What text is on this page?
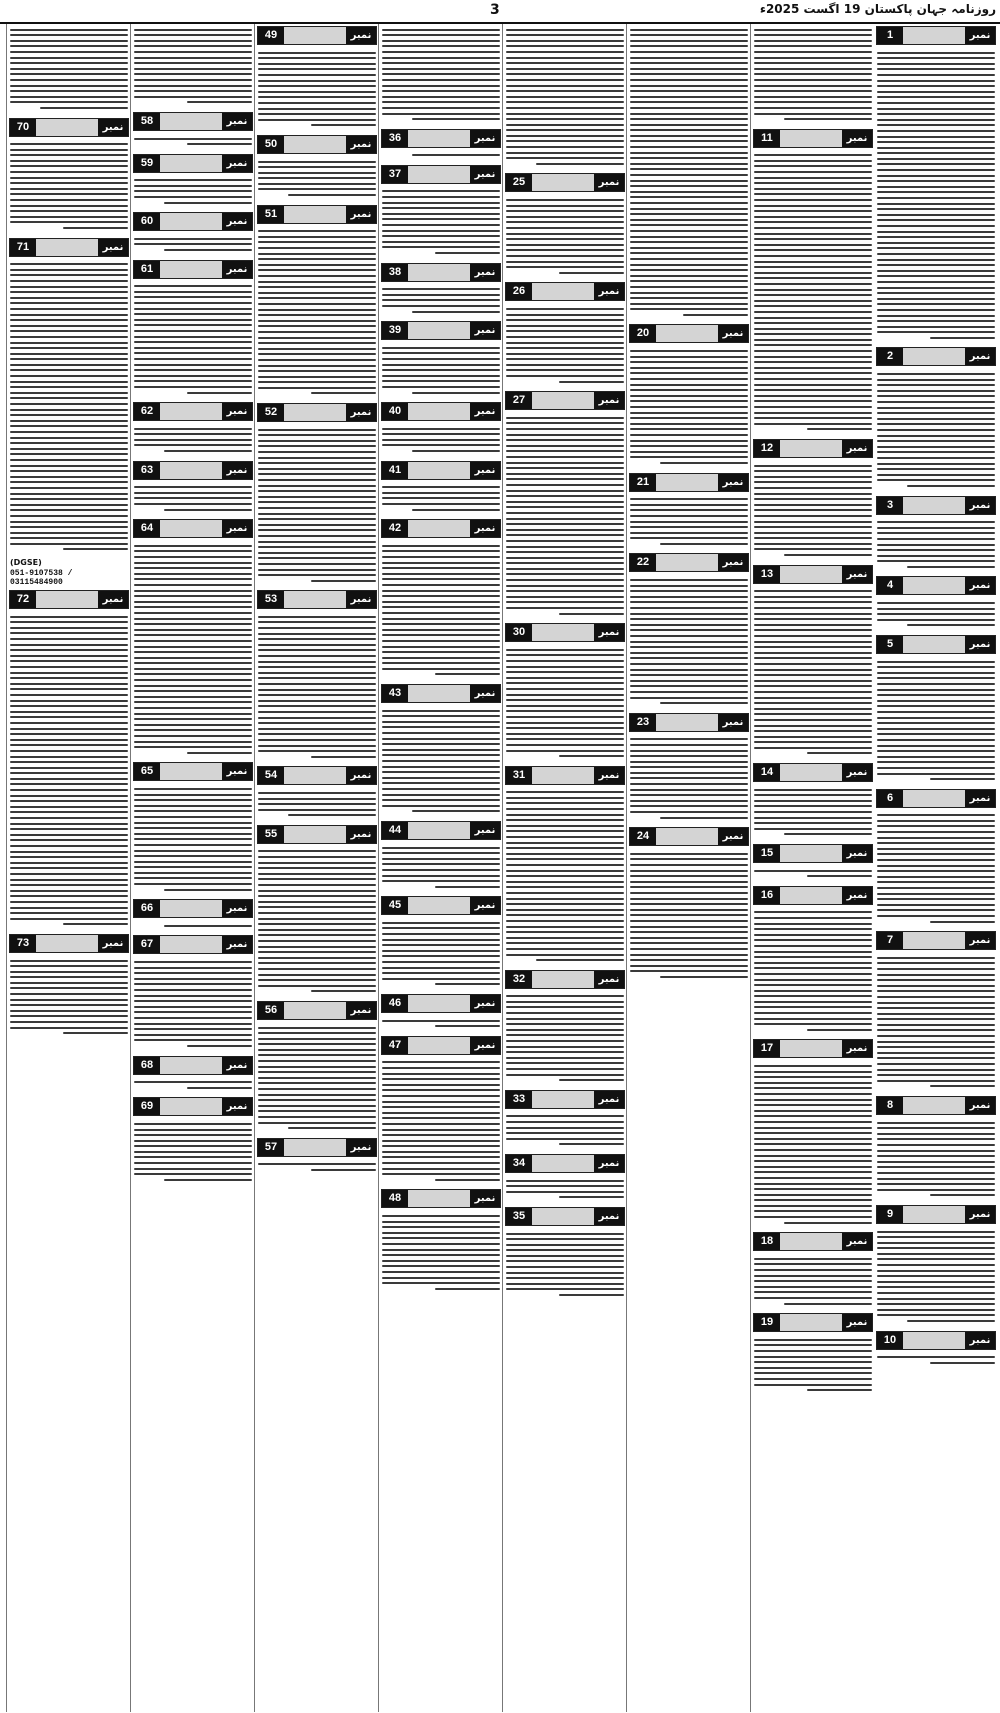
3	روزنامہ جہان پاکستان 19 اگست 2025ء
نمبر
1
نمبر
2
نمبر
3
نمبر
4
نمبر
5
نمبر
6
نمبر
7
نمبر
8
نمبر
9
نمبر
10
نمبر
11
نمبر
12
نمبر
13
نمبر
14
نمبر
15
نمبر
16
نمبر
17
نمبر
18
نمبر
19
نمبر
20
نمبر
21
نمبر
22
نمبر
23
نمبر
24
نمبر
25
نمبر
26
نمبر
27
نمبر
30
نمبر
31
نمبر
32
نمبر
33
نمبر
34
نمبر
35
نمبر
36
نمبر
37
نمبر
38
نمبر
39
نمبر
40
نمبر
41
نمبر
42
نمبر
43
نمبر
44
نمبر
45
نمبر
46
نمبر
47
نمبر
48
نمبر
49
نمبر
50
نمبر
51
نمبر
52
نمبر
53
نمبر
54
نمبر
55
نمبر
56
نمبر
57
نمبر
58
نمبر
59
نمبر
60
نمبر
61
نمبر
62
نمبر
63
نمبر
64
نمبر
65
نمبر
66
نمبر
67
نمبر
68
نمبر
69
نمبر
70
نمبر
71
(DGSE)
051-9107538 / 03115484900
نمبر
72
نمبر
73
